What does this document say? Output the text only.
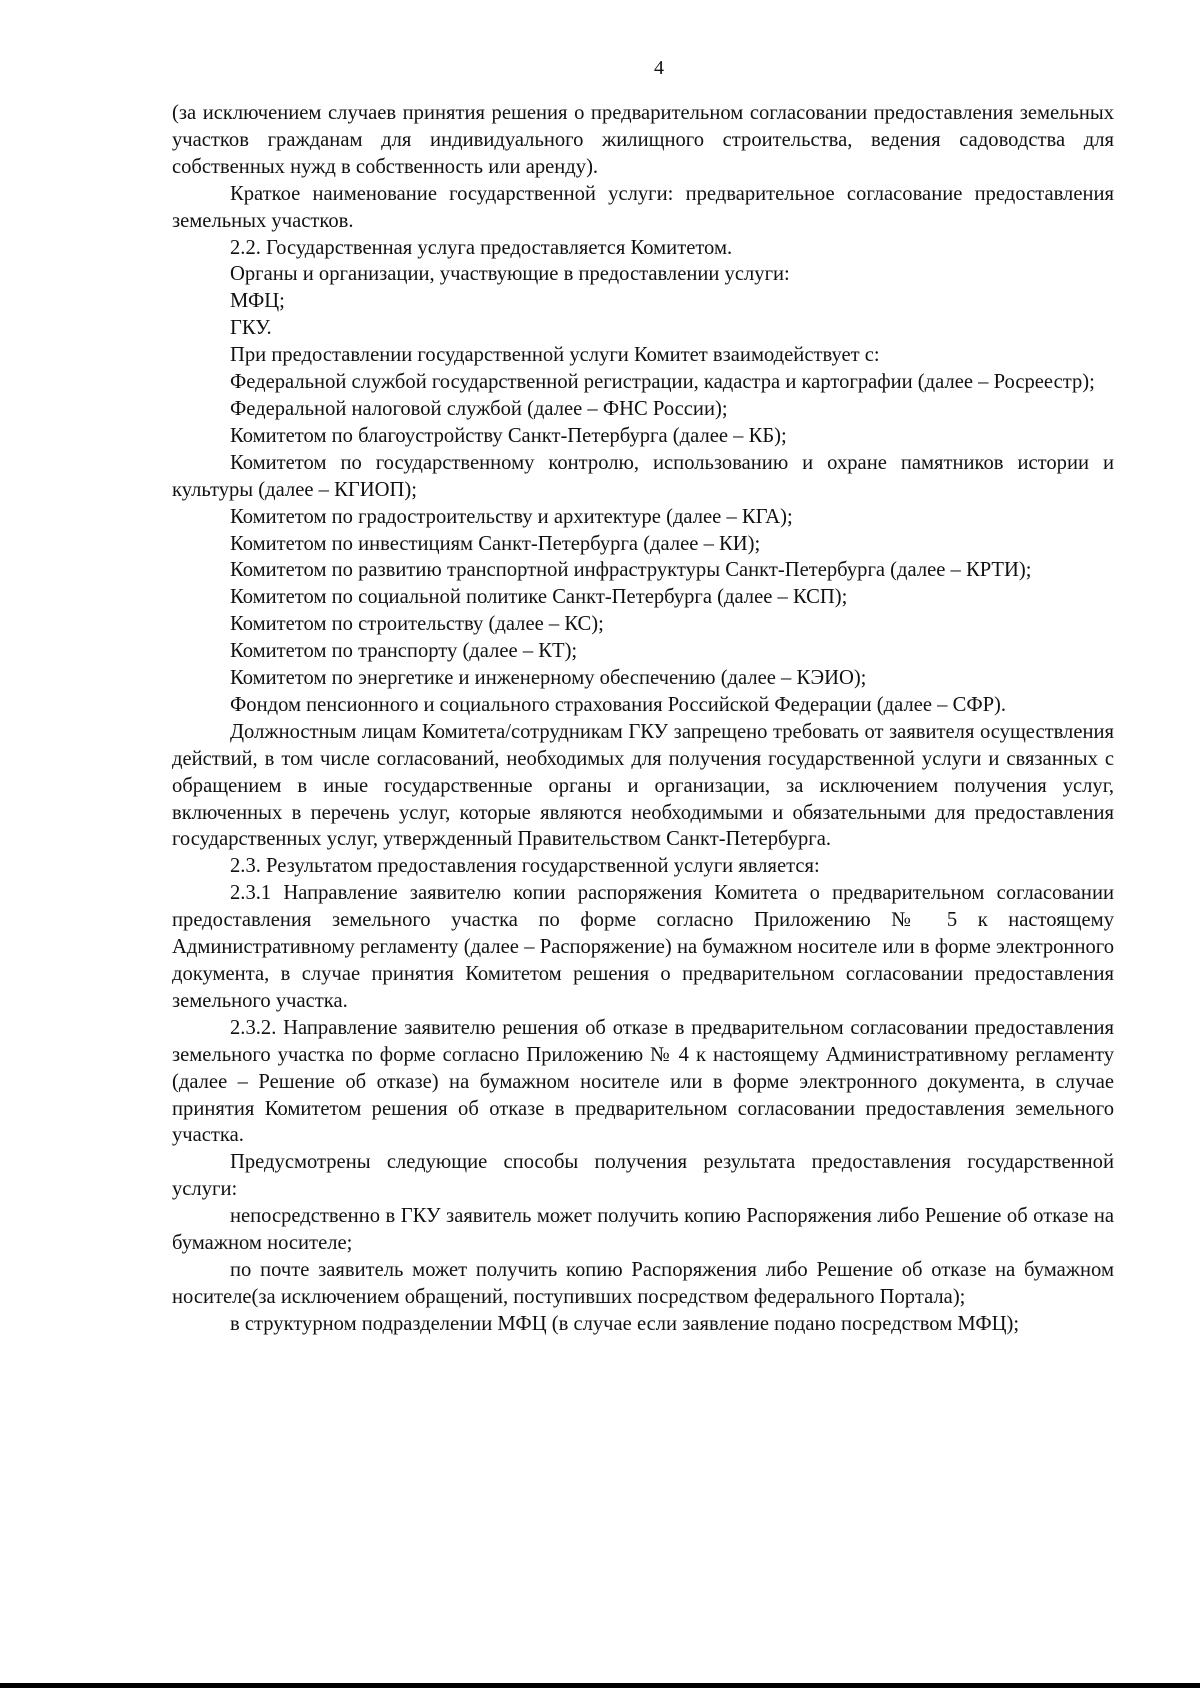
4

(за исключением случаев принятия решения о предварительном согласовании предоставления земельных участков гражданам для индивидуального жилищного строительства, ведения садоводства для собственных нужд в собственность или аренду).

Краткое наименование государственной услуги: предварительное согласование предоставления земельных участков.

2.2. Государственная услуга предоставляется Комитетом.

Органы и организации, участвующие в предоставлении услуги:

МФЦ;

ГКУ.

При предоставлении государственной услуги Комитет взаимодействует с:

Федеральной службой государственной регистрации, кадастра и картографии (далее – Росреестр);

Федеральной налоговой службой (далее – ФНС России);

Комитетом по благоустройству Санкт-Петербурга (далее – КБ);

Комитетом по государственному контролю, использованию и охране памятников истории и культуры (далее – КГИОП);

Комитетом по градостроительству и архитектуре (далее – КГА);

Комитетом по инвестициям Санкт-Петербурга (далее – КИ);

Комитетом по развитию транспортной инфраструктуры Санкт-Петербурга (далее – КРТИ);

Комитетом по социальной политике Санкт-Петербурга (далее – КСП);

Комитетом по строительству (далее – КС);

Комитетом по транспорту (далее – КТ);

Комитетом по энергетике и инженерному обеспечению (далее – КЭИО);

Фондом пенсионного и социального страхования Российской Федерации (далее – СФР).

Должностным лицам Комитета/сотрудникам ГКУ запрещено требовать от заявителя осуществления действий, в том числе согласований, необходимых для получения государственной услуги и связанных с обращением в иные государственные органы и организации, за исключением получения услуг, включенных в перечень услуг, которые являются необходимыми и обязательными для предоставления государственных услуг, утвержденный Правительством Санкт-Петербурга.

2.3. Результатом предоставления государственной услуги является:

2.3.1 Направление заявителю копии распоряжения Комитета о предварительном согласовании предоставления земельного участка по форме согласно Приложению № 5 к настоящему Административному регламенту (далее – Распоряжение) на бумажном носителе или в форме электронного документа, в случае принятия Комитетом решения о предварительном согласовании предоставления земельного участка.

2.3.2. Направление заявителю решения об отказе в предварительном согласовании предоставления земельного участка по форме согласно Приложению № 4 к настоящему Административному регламенту (далее – Решение об отказе) на бумажном носителе или в форме электронного документа, в случае принятия Комитетом решения об отказе в предварительном согласовании предоставления земельного участка.

Предусмотрены следующие способы получения результата предоставления государственной услуги:

непосредственно в ГКУ заявитель может получить копию Распоряжения либо Решение об отказе на бумажном носителе;

по почте заявитель может получить копию Распоряжения либо Решение об отказе на бумажном носителе(за исключением обращений, поступивших посредством федерального Портала);

в структурном подразделении МФЦ (в случае если заявление подано посредством МФЦ);
